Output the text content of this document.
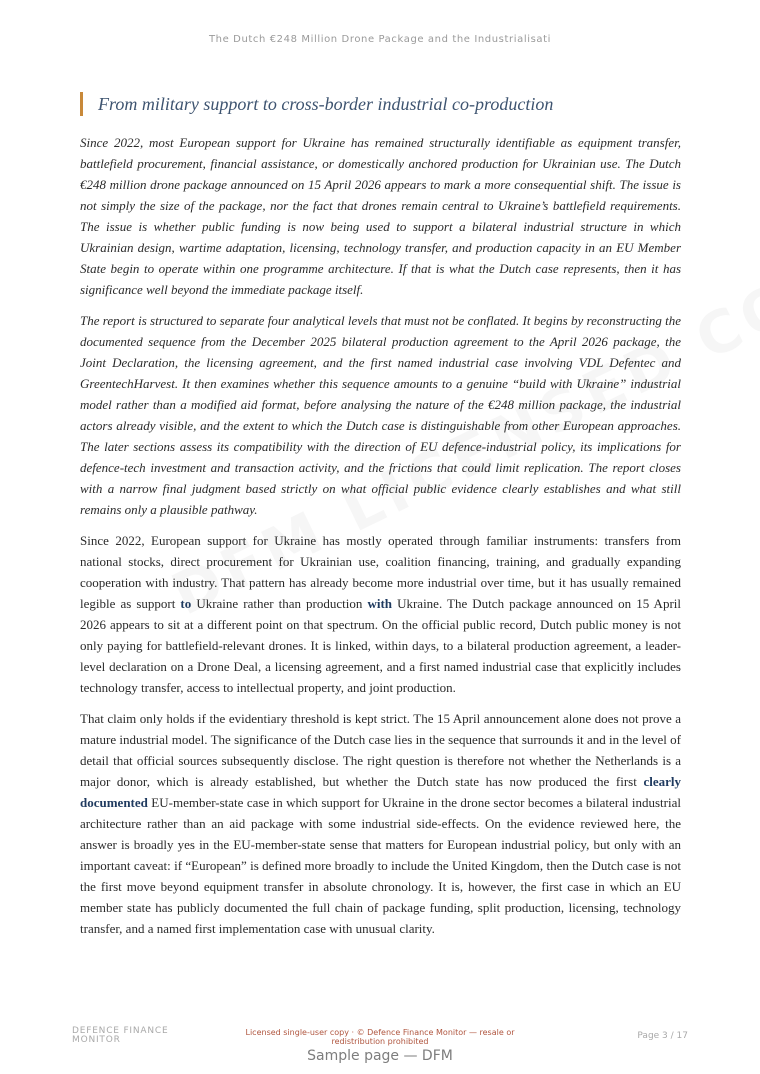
The Dutch €248 Million Drone Package and the Industrialisati
From military support to cross-border industrial co-production

Since 2022, most European support for Ukraine has remained structurally identifiable as equipment transfer, battlefield procurement, financial assistance, or domestically anchored production for Ukrainian use. The Dutch €248 million drone package announced on 15 April 2026 appears to mark a more consequential shift. The issue is not simply the size of the package, nor the fact that drones remain central to Ukraine’s battlefield requirements. The issue is whether public funding is now being used to support a bilateral industrial structure in which Ukrainian design, wartime adaptation, licensing, technology transfer, and production capacity in an EU Member State begin to operate within one programme architecture. If that is what the Dutch case represents, then it has significance well beyond the immediate package itself.

The report is structured to separate four analytical levels that must not be conflated. It begins by reconstructing the documented sequence from the December 2025 bilateral production agreement to the April 2026 package, the Joint Declaration, the licensing agreement, and the first named industrial case involving VDL Defentec and GreentechHarvest. It then examines whether this sequence amounts to a genuine “build with Ukraine” industrial model rather than a modified aid format, before analysing the nature of the €248 million package, the industrial actors already visible, and the extent to which the Dutch case is distinguishable from other European approaches. The later sections assess its compatibility with the direction of EU defence-industrial policy, its implications for defence-tech investment and transaction activity, and the frictions that could limit replication. The report closes with a narrow final judgment based strictly on what official public evidence clearly establishes and what still remains only a plausible pathway.

Since 2022, European support for Ukraine has mostly operated through familiar instruments: transfers from national stocks, direct procurement for Ukrainian use, coalition financing, training, and gradually expanding cooperation with industry. That pattern has already become more industrial over time, but it has usually remained legible as support to Ukraine rather than production with Ukraine. The Dutch package announced on 15 April 2026 appears to sit at a different point on that spectrum. On the official public record, Dutch public money is not only paying for battlefield-relevant drones. It is linked, within days, to a bilateral production agreement, a leader-level declaration on a Drone Deal, a licensing agreement, and a first named industrial case that explicitly includes technology transfer, access to intellectual property, and joint production.

That claim only holds if the evidentiary threshold is kept strict. The 15 April announcement alone does not prove a mature industrial model. The significance of the Dutch case lies in the sequence that surrounds it and in the level of detail that official sources subsequently disclose. The right question is therefore not whether the Netherlands is a major donor, which is already established, but whether the Dutch state has now produced the first clearly documented EU-member-state case in which support for Ukraine in the drone sector becomes a bilateral industrial architecture rather than an aid package with some industrial side-effects. On the evidence reviewed here, the answer is broadly yes in the EU-member-state sense that matters for European industrial policy, but only with an important caveat: if “European” is defined more broadly to include the United Kingdom, then the Dutch case is not the first move beyond equipment transfer in absolute chronology. It is, however, the first case in which an EU member state has publicly documented the full chain of package funding, split production, licensing, technology transfer, and a named first implementation case with unusual clarity.

DEFENCE FINANCE
MONITOR
Licensed single-user copy · © Defence Finance Monitor — resale or redistribution prohibited
Page 3 / 17
Sample page — DFM
